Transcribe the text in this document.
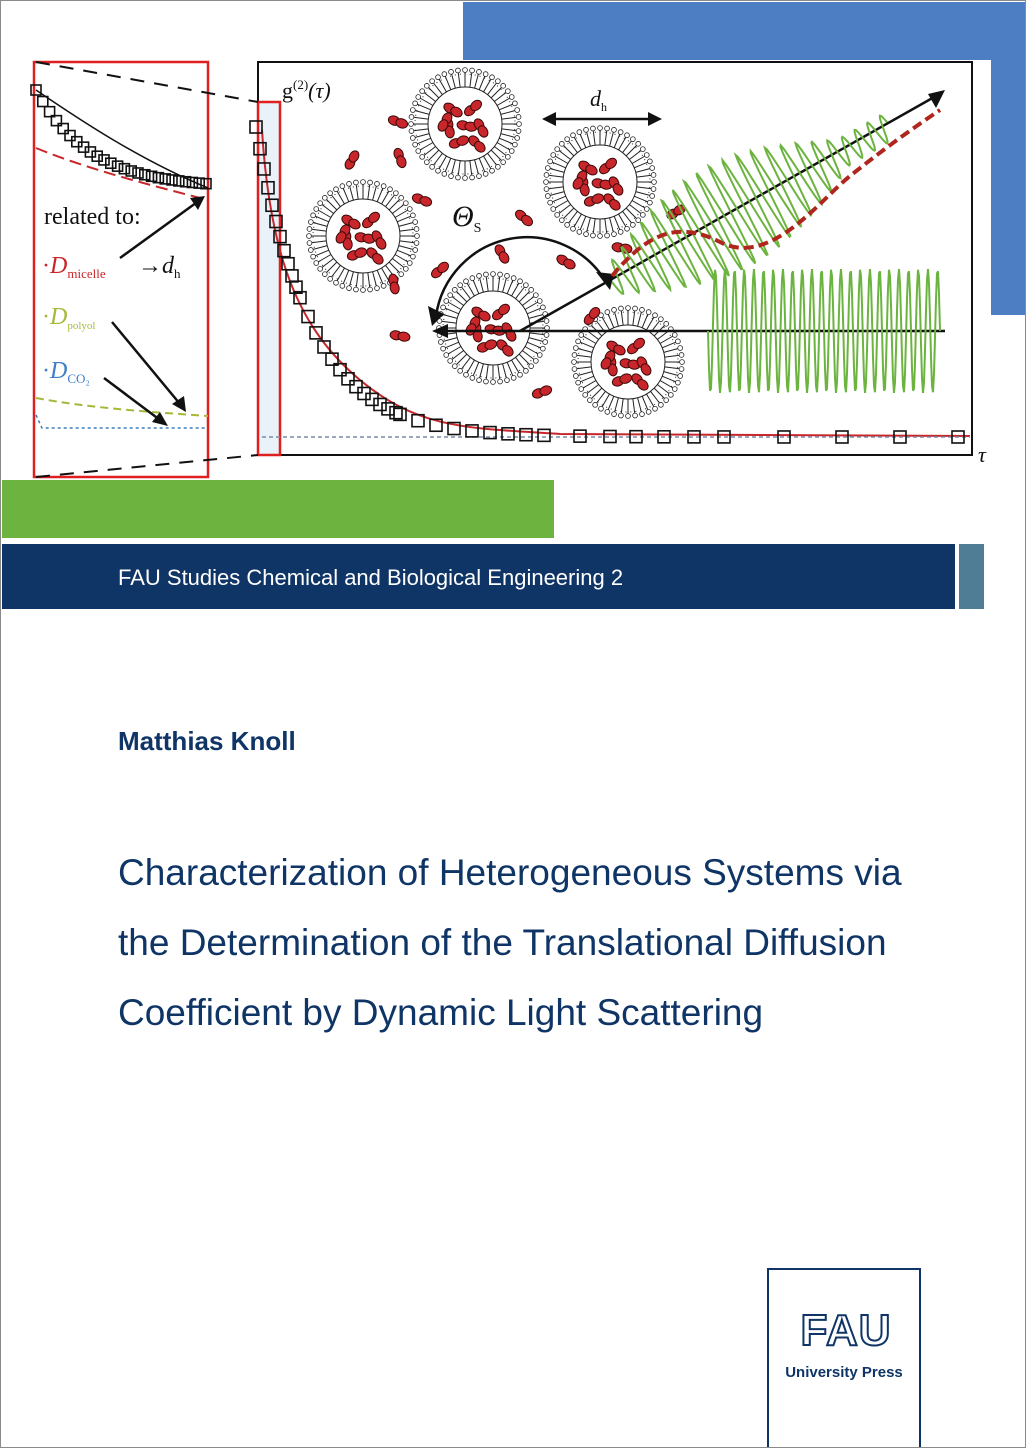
related to:
$\cdot D_{micelle} \to d_h$
$\cdot D_{polyol}$
$\cdot D_{CO_2}$
$g^{(2)}(\tau)$
τ
$d_h$
$\Theta_S$
FAU Studies Chemical and Biological Engineering 2
Matthias Knoll
Characterization of Heterogeneous Systems via
the Determination of the Translational Diffusion
Coefficient by Dynamic Light Scattering
FAU
University Press
